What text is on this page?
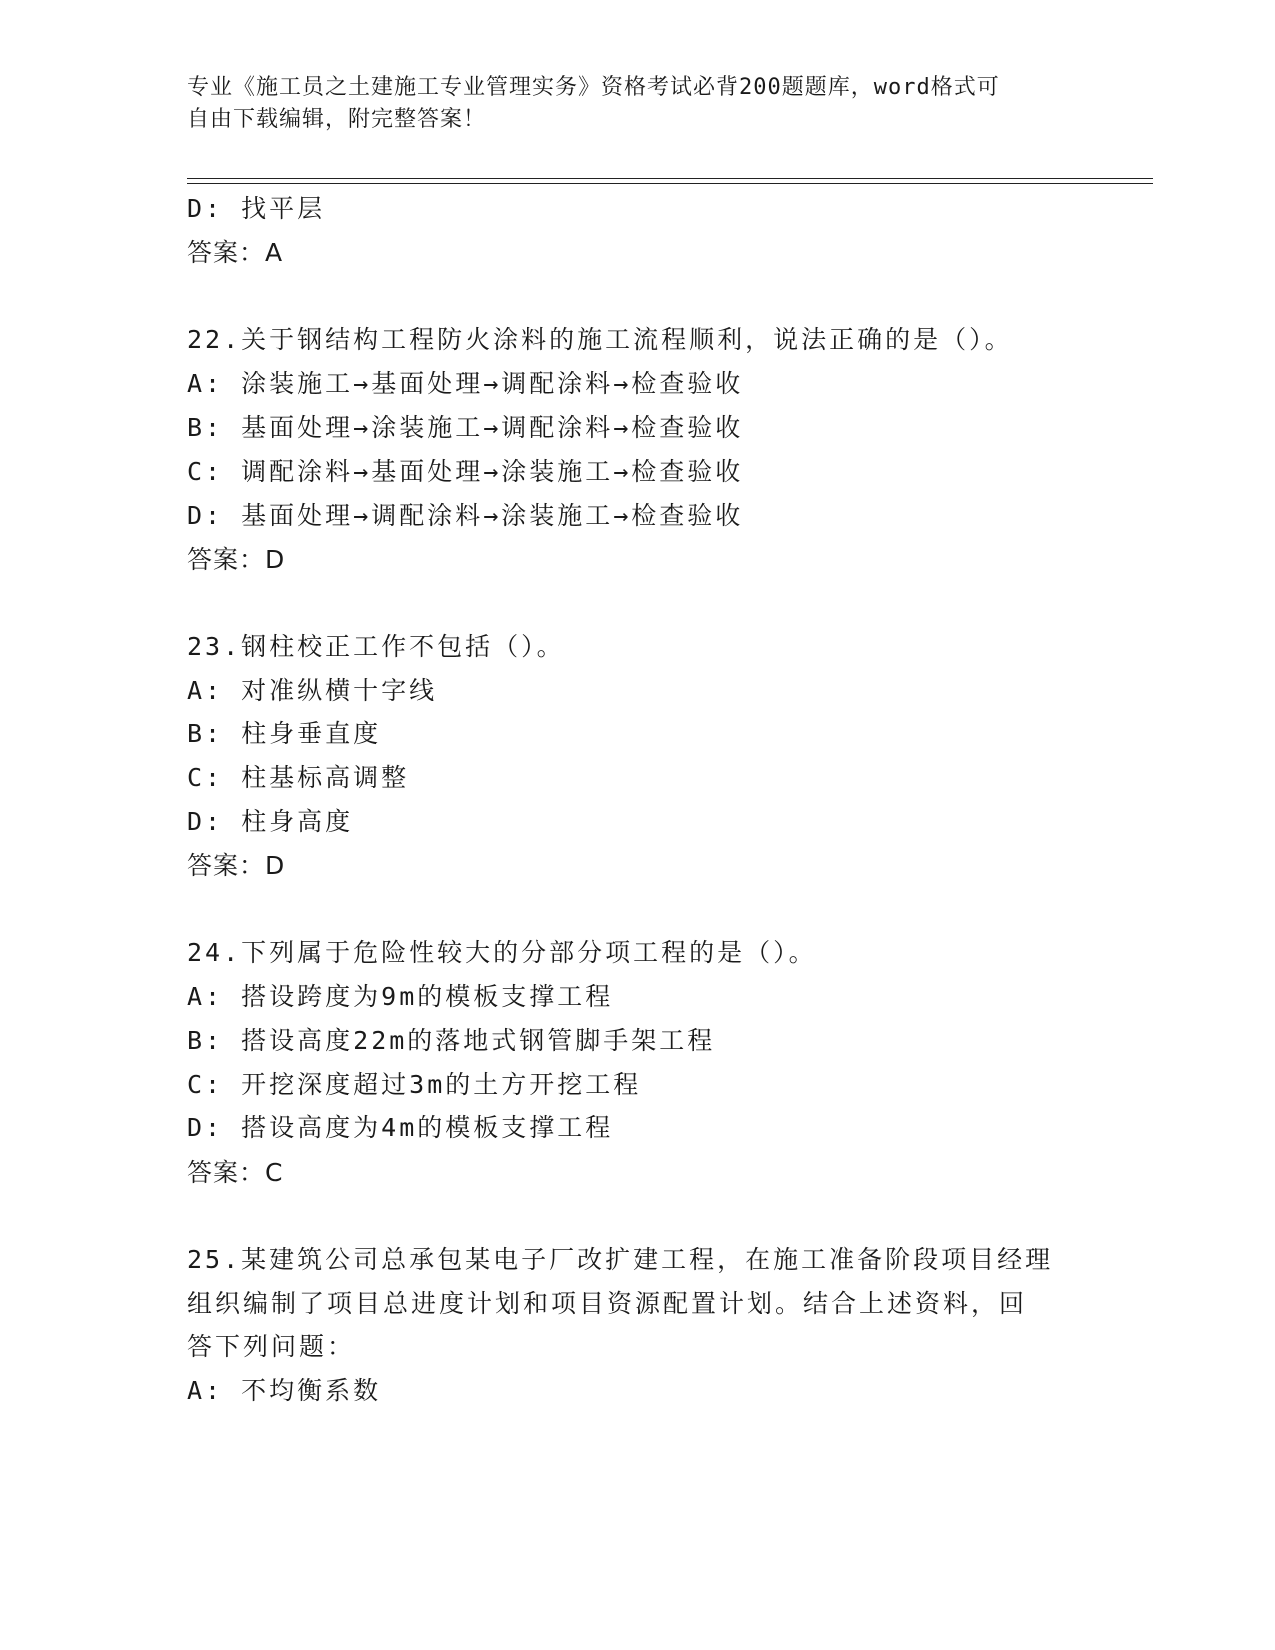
专业《施工员之土建施工专业管理实务》资格考试必背200题题库，word格式可
自由下载编辑，附完整答案！
D: 找平层
答案：A
22.关于钢结构工程防火涂料的施工流程顺利，说法正确的是（）。
A: 涂装施工→基面处理→调配涂料→检查验收
B: 基面处理→涂装施工→调配涂料→检查验收
C: 调配涂料→基面处理→涂装施工→检查验收
D: 基面处理→调配涂料→涂装施工→检查验收
答案：D
23.钢柱校正工作不包括（）。
A: 对准纵横十字线
B: 柱身垂直度
C: 柱基标高调整
D: 柱身高度
答案：D
24.下列属于危险性较大的分部分项工程的是（）。
A: 搭设跨度为9m的模板支撑工程
B: 搭设高度22m的落地式钢管脚手架工程
C: 开挖深度超过3m的土方开挖工程
D: 搭设高度为4m的模板支撑工程
答案：C
25.某建筑公司总承包某电子厂改扩建工程，在施工准备阶段项目经理
组织编制了项目总进度计划和项目资源配置计划。结合上述资料，回
答下列问题：
A: 不均衡系数
